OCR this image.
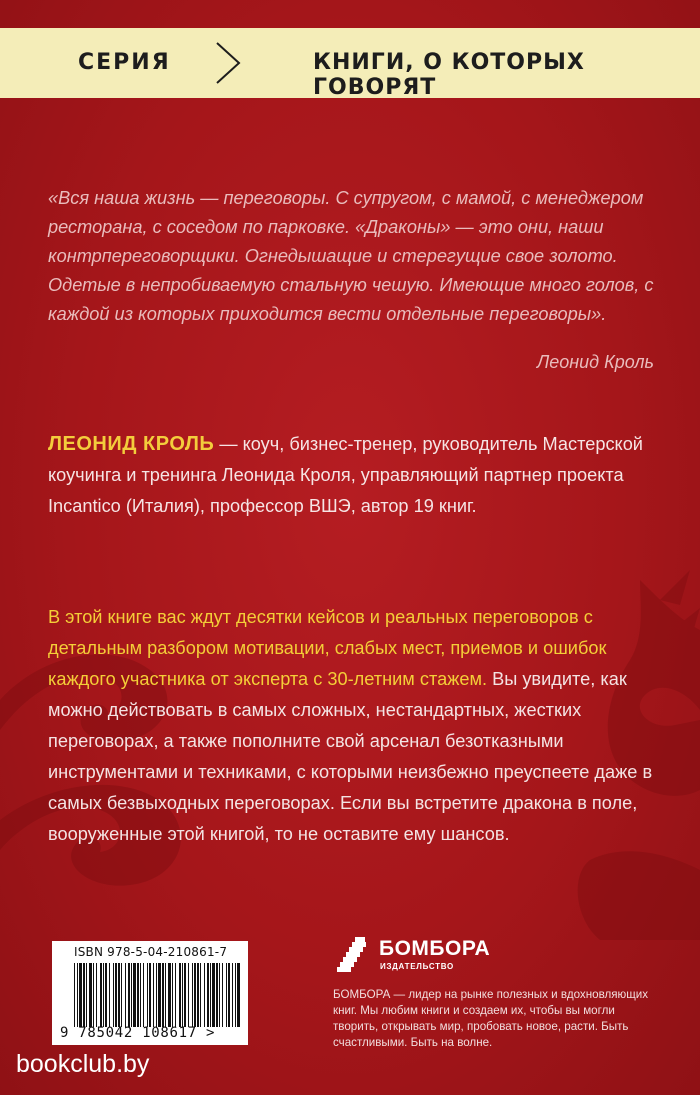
СЕРИЯ	КНИГИ, О КОТОРЫХ ГОВОРЯТ
«Вся наша жизнь — переговоры. С супругом, с мамой, с менеджером ресторана, с соседом по парковке. «Драконы» — это они, наши контрпереговорщики. Огнедышащие и стерегущие свое золото. Одетые в непробиваемую стальную чешую. Имеющие много голов, с каждой из которых приходится вести отдельные переговоры».
Леонид Кроль
ЛЕОНИД КРОЛЬ — коуч, бизнес-тренер, руководитель Мастерской коучинга и тренинга Леонида Кроля, управляющий партнер проекта Incantico (Италия), профессор ВШЭ, автор 19 книг.
В этой книге вас ждут десятки кейсов и реальных переговоров с детальным разбором мотивации, слабых мест, приемов и ошибок каждого участника от эксперта с 30-летним стажем. Вы увидите, как можно действовать в самых сложных, нестандартных, жестких переговорах, а также пополните свой арсенал безотказными инструментами и техниками, с которыми неизбежно преуспеете даже в самых безвыходных переговорах. Если вы встретите дракона в поле, вооруженные этой книгой, то не оставите ему шансов.
ISBN 978-5-04-210861-7
9 785042 108617 >
БОМБОРА
ИЗДАТЕЛЬСТВО
БОМБОРА — лидер на рынке полезных и вдохновляющих книг. Мы любим книги и создаем их, чтобы вы могли творить, открывать мир, пробовать новое, расти. Быть счастливыми. Быть на волне.
bookclub.by
